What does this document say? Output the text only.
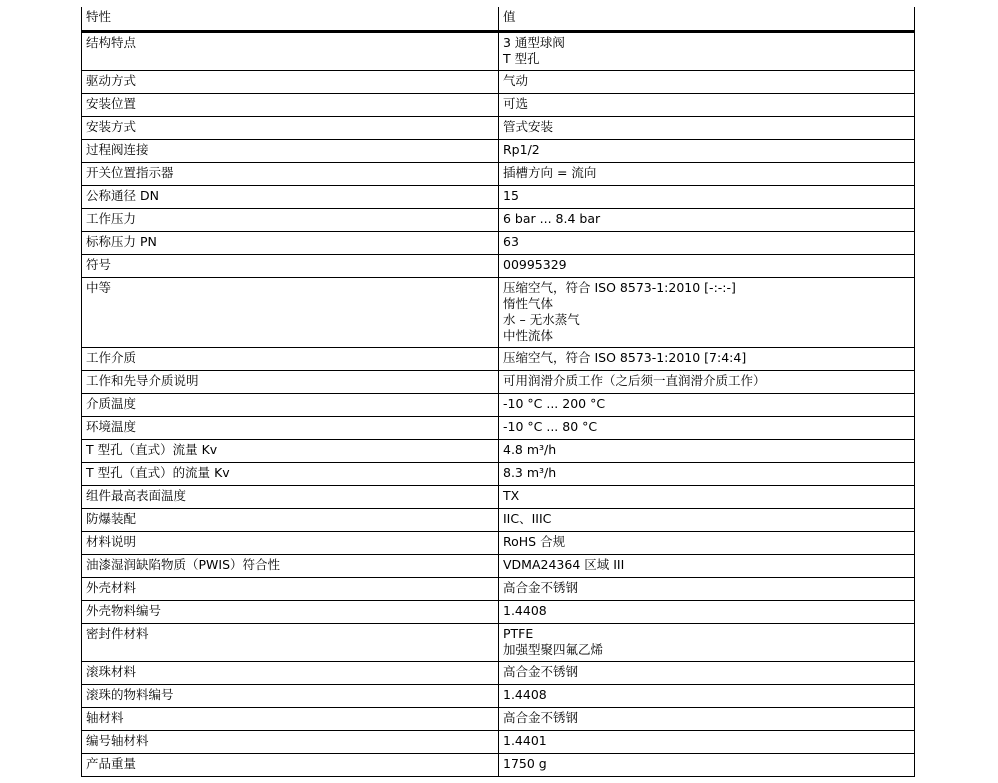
特性	值
结构特点	3 通型球阀
T 型孔
驱动方式	气动
安装位置	可选
安装方式	管式安装
过程阀连接	Rp1/2
开关位置指示器	插槽方向 = 流向
公称通径 DN	15
工作压力	6 bar ... 8.4 bar
标称压力 PN	63
符号	00995329
中等	压缩空气，符合 ISO 8573-1:2010 [-:-:-]
惰性气体
水 – 无水蒸气
中性流体
工作介质	压缩空气，符合 ISO 8573-1:2010 [7:4:4]
工作和先导介质说明	可用润滑介质工作（之后须一直润滑介质工作）
介质温度	-10 °C ... 200 °C
环境温度	-10 °C ... 80 °C
T 型孔（直式）流量 Kv	4.8 m³/h
T 型孔（直式）的流量 Kv	8.3 m³/h
组件最高表面温度	TX
防爆装配	IIC、IIIC
材料说明	RoHS 合规
油漆湿润缺陷物质（PWIS）符合性	VDMA24364 区域 III
外壳材料	高合金不锈钢
外壳物料编号	1.4408
密封件材料	PTFE
加强型聚四氟乙烯
滚珠材料	高合金不锈钢
滚珠的物料编号	1.4408
轴材料	高合金不锈钢
编号轴材料	1.4401
产品重量	1750 g
